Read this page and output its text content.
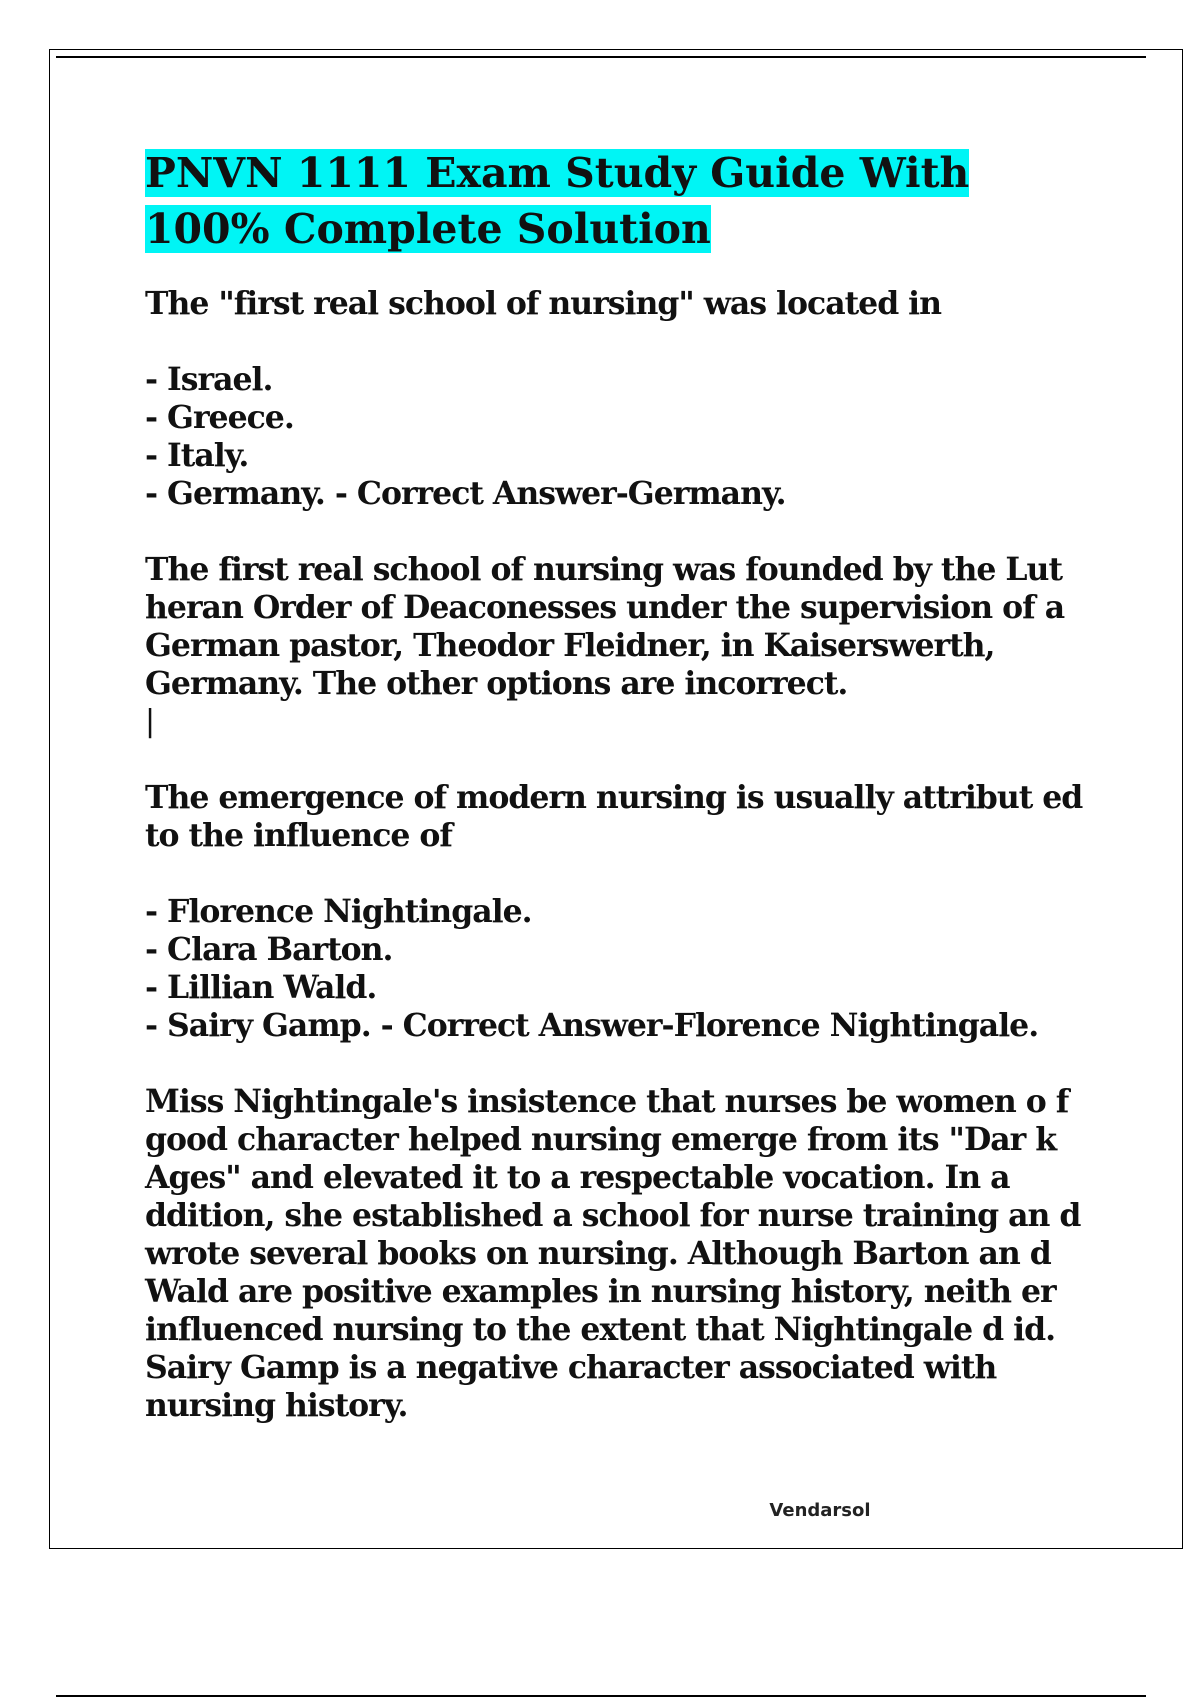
PNVN 1111 Exam Study Guide With 100% Complete Solution

The "first real school of nursing" was located in

- Israel.
- Greece.
- Italy.
- Germany. - Correct Answer-Germany.

The first real school of nursing was founded by the Lut heran Order of Deaconesses under the supervision of a German pastor, Theodor Fleidner, in Kaiserswerth, Germany. The other options are incorrect.

|

The emergence of modern nursing is usually attribut ed to the influence of

- Florence Nightingale.
- Clara Barton.
- Lillian Wald.
- Sairy Gamp. - Correct Answer-Florence Nightingale.

Miss Nightingale's insistence that nurses be women o f good character helped nursing emerge from its "Dar k Ages" and elevated it to a respectable vocation. In a ddition, she established a school for nurse training an d wrote several books on nursing. Although Barton an d Wald are positive examples in nursing history, neith er influenced nursing to the extent that Nightingale d id. Sairy Gamp is a negative character associated with nursing history.

Vendarsol
